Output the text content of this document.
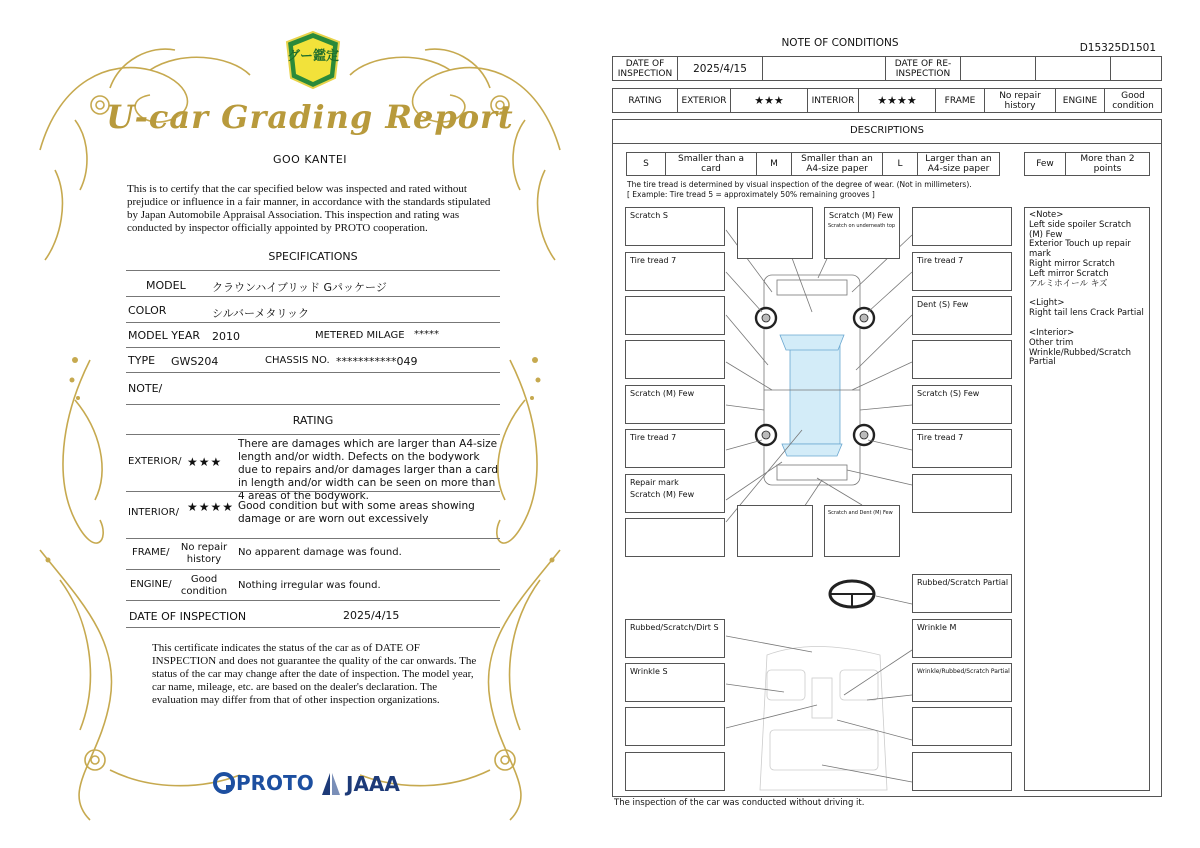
グー鑑定
U-car Grading Report
GOO KANTEI
This is to certify that the car specified below was inspected and rated without prejudice or influence in a fair manner, in accordance with the standards stipulated by Japan Automobile Appraisal Association. This inspection and rating was conducted by inspector officially appointed by PROTO cooperation.
SPECIFICATIONS
MODEL クラウンハイブリッド Gパッケージ
COLOR	シルバーメタリック
MODEL YEAR 2010	METERED MILAGE *****
TYPE GWS204	CHASSIS NO. ***********049
NOTE/
RATING
EXTERIOR/ ★★★
There are damages which are larger than A4-size length and/or width. Defects on the bodywork due to repairs and/or damages larger than a card in length and/or width can be seen on more than 4 areas of the bodywork.
INTERIOR/ ★★★★ Good condition but with some areas showing damage or are worn out excessively
FRAME/ No repair history
No apparent damage was found.
ENGINE/	Good condition
Nothing irregular was found.
DATE OF INSPECTION	2025/4/15
This certificate indicates the status of the car as of DATE OF INSPECTION and does not guarantee the quality of the car onwards. The status of the car may change after the date of inspection. The model year, car name, mileage, etc. are based on the dealer's declaration. The evaluation may differ from that of other inspection organizations.
PROTO JAAA
NOTE OF CONDITIONS	D15325D1501
DATE OF INSPECTION	2025/4/15		DATE OF RE-INSPECTION			
RATING	EXTERIOR	★★★	INTERIOR	★★★★	FRAME	No repair history	ENGINE	Good condition
DESCRIPTIONS
S	Smaller than a card	M	Smaller than an A4-size paper	L	Larger than an A4-size paper	Few	More than 2 points
The tire tread is determined by visual inspection of the degree of wear. (Not in millimeters).
[ Example: Tire tread 5 = approximately 50% remaining grooves ]
Scratch S
Tire tread 7
Scratch (M) Few
Tire tread 7
Repair mark
Scratch (M) Few
Scratch (M) Few
Scratch on underneath top
Scratch and Dent (M) Few
Tire tread 7
Dent (S) Few
Scratch (S) Few
Tire tread 7
Rubbed/Scratch Partial
Rubbed/Scratch/Dirt S	Wrinkle M
Wrinkle S	Wrinkle/Rubbed/Scratch Partial
<Note>
Left side spoiler Scratch (M) Few
Exterior Touch up repair mark
Right mirror Scratch
Left mirror Scratch
アルミホイール キズ
<Light>
Right tail lens Crack Partial
<Interior>
Other trim
Wrinkle/Rubbed/Scratch Partial
The inspection of the car was conducted without driving it.
